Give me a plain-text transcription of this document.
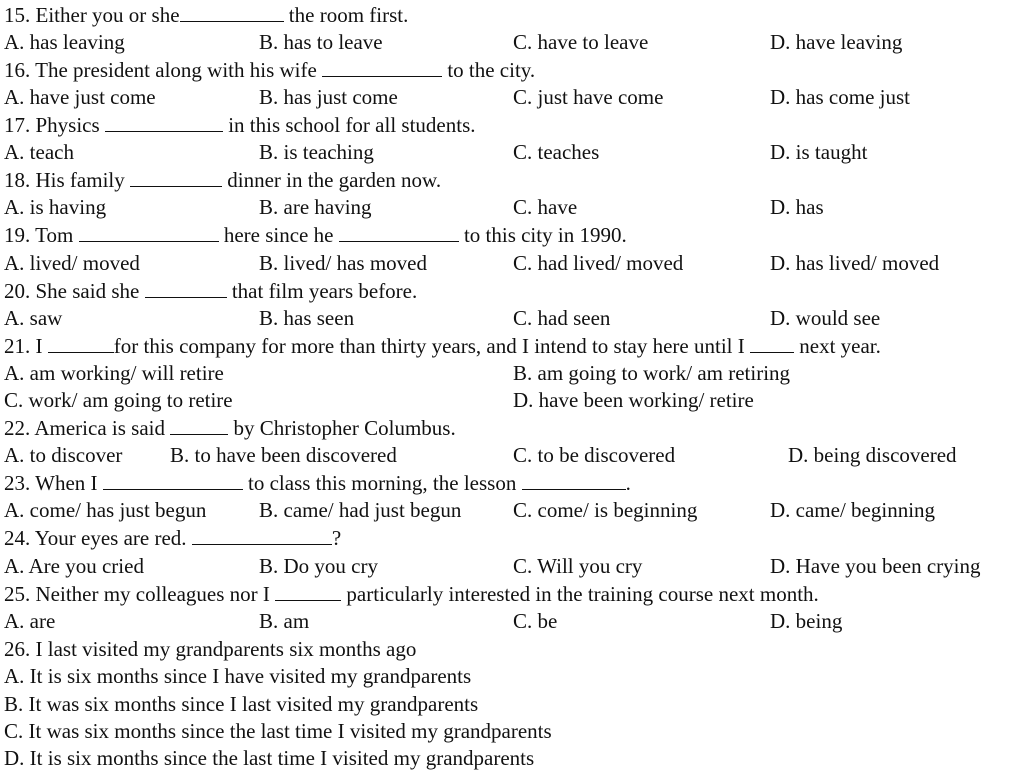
15. Either you or she	the room first.
A. has leaving	B. has to leave	C. have to leave	D. have leaving
16. The president along with his wife	to the city.
A. have just come	B. has just come	C. just have come	D. has come just
17. Physics	in this school for all students.
A. teach	B. is teaching	C. teaches	D. is taught
18. His family	dinner in the garden now.
A. is having	B. are having	C. have	D. has
19. Tom	here since he	to this city in 1990.
A. lived/ moved	B. lived/ has moved	C. had lived/ moved	D. has lived/ moved
20. She said she	that film years before.
A. saw	B. has seen	C. had seen	D. would see
21. I	for this company for more than thirty years, and I intend to stay here until I	next year.
A. am working/ will retire	B. am going to work/ am retiring
C. work/ am going to retire	D. have been working/ retire
22. America is said	by Christopher Columbus.
A. to discover B. to have been discovered	C. to be discovered	D. being discovered
23. When I	to class this morning, the lesson	.
A. come/ has just begun	B. came/ had just begun C. come/ is beginning	D. came/ beginning
24. Your eyes are red.	?
A. Are you cried	B. Do you cry	C. Will you cry	D. Have you been crying
25. Neither my colleagues nor I	particularly interested in the training course next month.
A. are	B. am	C. be	D. being
26. I last visited my grandparents six months ago
A. It is six months since I have visited my grandparents
B. It was six months since I last visited my grandparents
C. It was six months since the last time I visited my grandparents
D. It is six months since the last time I visited my grandparents
